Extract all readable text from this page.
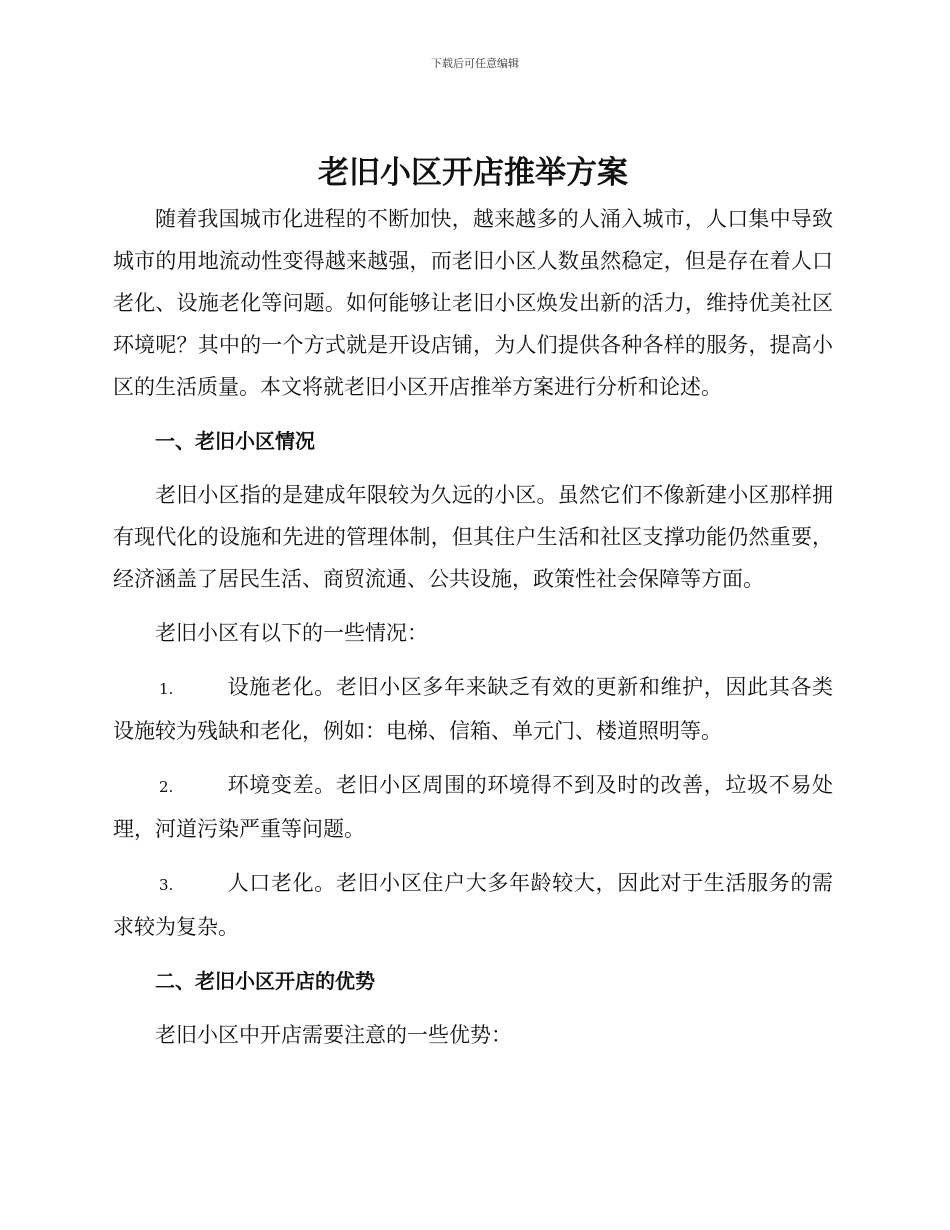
下载后可任意编辑
老旧小区开店推举方案

随着我国城市化进程的不断加快，越来越多的人涌入城市，人口集中导致城市的用地流动性变得越来越强，而老旧小区人数虽然稳定，但是存在着人口老化、设施老化等问题。如何能够让老旧小区焕发出新的活力，维持优美社区环境呢？其中的一个方式就是开设店铺，为人们提供各种各样的服务，提高小区的生活质量。本文将就老旧小区开店推举方案进行分析和论述。

一、老旧小区情况

老旧小区指的是建成年限较为久远的小区。虽然它们不像新建小区那样拥有现代化的设施和先进的管理体制，但其住户生活和社区支撑功能仍然重要，经济涵盖了居民生活、商贸流通、公共设施，政策性社会保障等方面。

老旧小区有以下的一些情况：

1.	设施老化。老旧小区多年来缺乏有效的更新和维护，因此其各类设施较为残缺和老化，例如：电梯、信箱、单元门、楼道照明等。

2.	环境变差。老旧小区周围的环境得不到及时的改善，垃圾不易处理，河道污染严重等问题。

3.	人口老化。老旧小区住户大多年龄较大，因此对于生活服务的需求较为复杂。

二、老旧小区开店的优势

老旧小区中开店需要注意的一些优势：
